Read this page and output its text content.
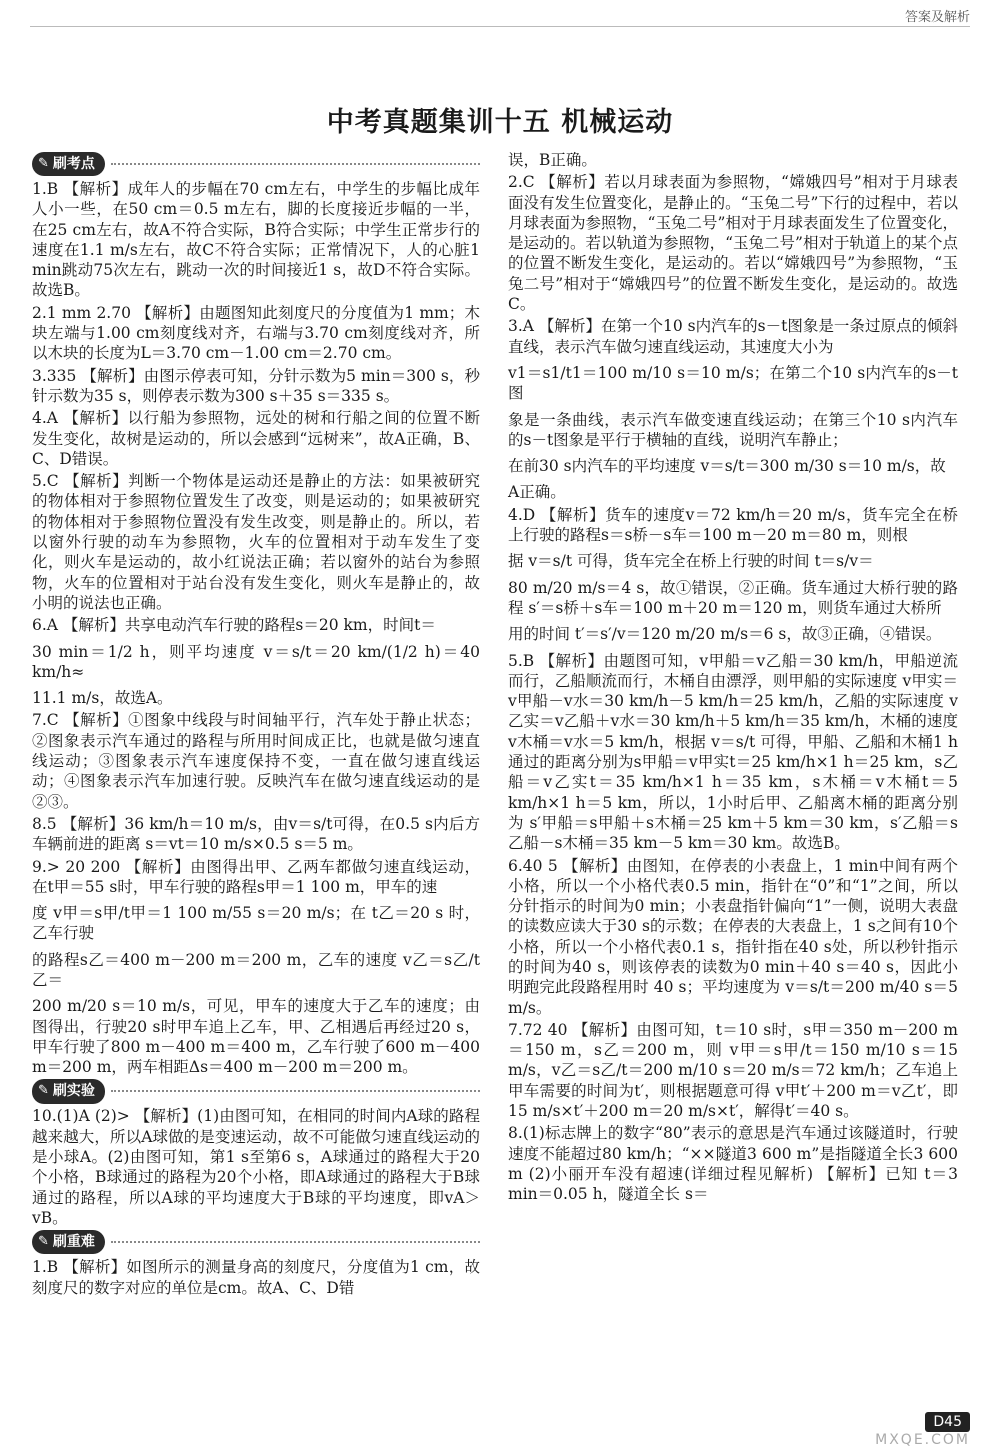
答案及解析
中考真题集训十五 机械运动
✎ 刷考点

1.B 【解析】成年人的步幅在70 cm左右，中学生的步幅比成年人小一些，在50 cm＝0.5 m左右，脚的长度接近步幅的一半，在25 cm左右，故A不符合实际，B符合实际；中学生正常步行的速度在1.1 m/s左右，故C不符合实际；正常情况下，人的心脏1 min跳动75次左右，跳动一次的时间接近1 s，故D不符合实际。故选B。

2.1 mm 2.70 【解析】由题图知此刻度尺的分度值为1 mm；木块左端与1.00 cm刻度线对齐，右端与3.70 cm刻度线对齐，所以木块的长度为L＝3.70 cm－1.00 cm＝2.70 cm。

3.335 【解析】由图示停表可知，分针示数为5 min＝300 s，秒针示数为35 s，则停表示数为300 s＋35 s＝335 s。

4.A 【解析】以行船为参照物，远处的树和行船之间的位置不断发生变化，故树是运动的，所以会感到“远树来”，故A正确，B、C、D错误。

5.C 【解析】判断一个物体是运动还是静止的方法：如果被研究的物体相对于参照物位置发生了改变，则是运动的；如果被研究的物体相对于参照物位置没有发生改变，则是静止的。所以，若以窗外行驶的动车为参照物，火车的位置相对于动车发生了变化，则火车是运动的，故小红说法正确；若以窗外的站台为参照物，火车的位置相对于站台没有发生变化，则火车是静止的，故小明的说法也正确。

6.A 【解析】共享电动汽车行驶的路程s＝20 km，时间t＝

30 min＝1/2 h，则平均速度 v＝s/t＝20 km/(1/2 h)＝40 km/h≈

11.1 m/s，故选A。

7.C 【解析】①图象中线段与时间轴平行，汽车处于静止状态；②图象表示汽车通过的路程与所用时间成正比，也就是做匀速直线运动；③图象表示汽车速度保持不变，一直在做匀速直线运动；④图象表示汽车加速行驶。反映汽车在做匀速直线运动的是②③。

8.5 【解析】36 km/h＝10 m/s，由v＝s/t可得，在0.5 s内后方车辆前进的距离 s＝vt＝10 m/s×0.5 s＝5 m。

9.> 20 200 【解析】由图得出甲、乙两车都做匀速直线运动，在t甲＝55 s时，甲车行驶的路程s甲＝1 100 m，甲车的速

度 v甲＝s甲/t甲＝1 100 m/55 s＝20 m/s；在 t乙＝20 s 时，乙车行驶

的路程s乙＝400 m－200 m＝200 m，乙车的速度 v乙＝s乙/t乙＝

200 m/20 s＝10 m/s，可见，甲车的速度大于乙车的速度；由图得出，行驶20 s时甲车追上乙车，甲、乙相遇后再经过20 s，甲车行驶了800 m－400 m＝400 m，乙车行驶了600 m－400 m＝200 m，两车相距Δs＝400 m－200 m＝200 m。

✎ 刷实验

10.(1)A (2)> 【解析】(1)由图可知，在相同的时间内A球的路程越来越大，所以A球做的是变速运动，故不可能做匀速直线运动的是小球A。(2)由图可知，第1 s至第6 s，A球通过的路程大于20个小格，B球通过的路程为20个小格，即A球通过的路程大于B球通过的路程，所以A球的平均速度大于B球的平均速度，即vA＞vB。

✎ 刷重难

1.B 【解析】如图所示的测量身高的刻度尺，分度值为1 cm，故刻度尺的数字对应的单位是cm。故A、C、D错

误，B正确。

2.C 【解析】若以月球表面为参照物，“嫦娥四号”相对于月球表面没有发生位置变化，是静止的。“玉兔二号”下行的过程中，若以月球表面为参照物，“玉兔二号”相对于月球表面发生了位置变化，是运动的。若以轨道为参照物，“玉兔二号”相对于轨道上的某个点的位置不断发生变化，是运动的。若以“嫦娥四号”为参照物，“玉兔二号”相对于“嫦娥四号”的位置不断发生变化，是运动的。故选C。

3.A 【解析】在第一个10 s内汽车的s－t图象是一条过原点的倾斜直线，表示汽车做匀速直线运动，其速度大小为

v1＝s1/t1＝100 m/10 s＝10 m/s；在第二个10 s内汽车的s－t图

象是一条曲线，表示汽车做变速直线运动；在第三个10 s内汽车的s－t图象是平行于横轴的直线，说明汽车静止；

在前30 s内汽车的平均速度 v＝s/t＝300 m/30 s＝10 m/s，故

A正确。

4.D 【解析】货车的速度v＝72 km/h＝20 m/s，货车完全在桥上行驶的路程s＝s桥－s车＝100 m－20 m＝80 m，则根

据 v＝s/t 可得，货车完全在桥上行驶的时间 t＝s/v＝

80 m/20 m/s＝4 s，故①错误，②正确。货车通过大桥行驶的路程 s′＝s桥＋s车＝100 m＋20 m＝120 m，则货车通过大桥所

用的时间 t′＝s′/v＝120 m/20 m/s＝6 s，故③正确，④错误。

5.B 【解析】由题图可知，v甲船＝v乙船＝30 km/h，甲船逆流而行，乙船顺流而行，木桶自由漂浮，则甲船的实际速度 v甲实＝v甲船－v水＝30 km/h－5 km/h＝25 km/h，乙船的实际速度 v乙实＝v乙船＋v水＝30 km/h＋5 km/h＝35 km/h，木桶的速度 v木桶＝v水＝5 km/h，根据 v＝s/t 可得，甲船、乙船和木桶1 h通过的距离分别为s甲船＝v甲实t＝25 km/h×1 h＝25 km，s乙船＝v乙实t＝35 km/h×1 h＝35 km，s木桶＝v木桶t＝5 km/h×1 h＝5 km，所以，1小时后甲、乙船离木桶的距离分别为 s′甲船＝s甲船＋s木桶＝25 km＋5 km＝30 km，s′乙船＝s乙船－s木桶＝35 km－5 km＝30 km。故选B。

6.40 5 【解析】由图知，在停表的小表盘上，1 min中间有两个小格，所以一个小格代表0.5 min，指针在“0”和“1”之间，所以分针指示的时间为0 min；小表盘指针偏向“1”一侧，说明大表盘的读数应读大于30 s的示数；在停表的大表盘上，1 s之间有10个小格，所以一个小格代表0.1 s，指针指在40 s处，所以秒针指示的时间为40 s，则该停表的读数为0 min＋40 s＝40 s，因此小明跑完此段路程用时 40 s；平均速度为 v＝s/t＝200 m/40 s＝5 m/s。

7.72 40 【解析】由图可知，t＝10 s时，s甲＝350 m－200 m＝150 m，s乙＝200 m，则 v甲＝s甲/t＝150 m/10 s＝15 m/s，v乙＝s乙/t＝200 m/10 s＝20 m/s＝72 km/h；乙车追上甲车需要的时间为t′，则根据题意可得 v甲t′＋200 m＝v乙t′，即15 m/s×t′＋200 m＝20 m/s×t′，解得t′＝40 s。

8.(1)标志牌上的数字“80”表示的意思是汽车通过该隧道时，行驶速度不能超过80 km/h；“××隧道3 600 m”是指隧道全长3 600 m (2)小丽开车没有超速(详细过程见解析) 【解析】已知 t＝3 min＝0.05 h，隧道全长 s＝

D45
MXQE.COM
